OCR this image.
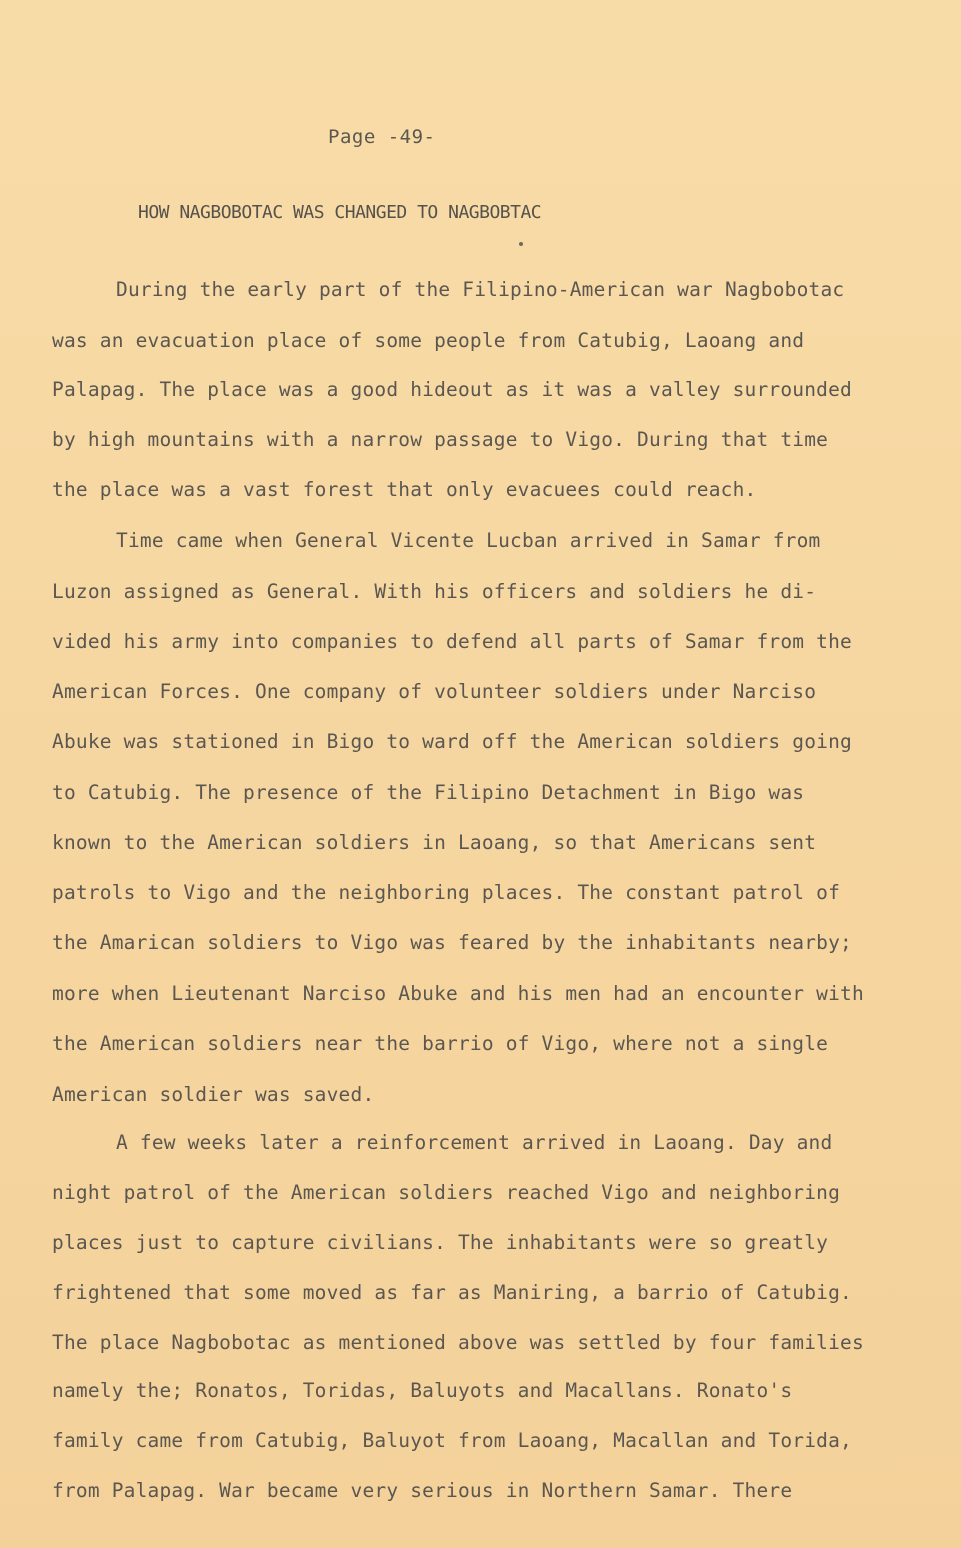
Page -49-
HOW NAGBOBOTAC WAS CHANGED TO NAGBOBTAC
During the early part of the Filipino-American war Nagbobotac
was an evacuation place of some people from Catubig, Laoang and
Palapag. The place was a good hideout as it was a valley surrounded
by high mountains with a narrow passage to Vigo. During that time
the place was a vast forest that only evacuees could reach.
Time came when General Vicente Lucban arrived in Samar from
Luzon assigned as General. With his officers and soldiers he di-
vided his army into companies to defend all parts of Samar from the
American Forces. One company of volunteer soldiers under Narciso
Abuke was stationed in Bigo to ward off the American soldiers going
to Catubig. The presence of the Filipino Detachment in Bigo was
known to the American soldiers in Laoang, so that Americans sent
patrols to Vigo and the neighboring places. The constant patrol of
the Amarican soldiers to Vigo was feared by the inhabitants nearby;
more when Lieutenant Narciso Abuke and his men had an encounter with
the American soldiers near the barrio of Vigo, where not a single
American soldier was saved.
A few weeks later a reinforcement arrived in Laoang. Day and
night patrol of the American soldiers reached Vigo and neighboring
places just to capture civilians. The inhabitants were so greatly
frightened that some moved as far as Maniring, a barrio of Catubig.
The place Nagbobotac as mentioned above was settled by four families
namely the; Ronatos, Toridas, Baluyots and Macallans. Ronato's
family came from Catubig, Baluyot from Laoang, Macallan and Torida,
from Palapag. War became very serious in Northern Samar. There
